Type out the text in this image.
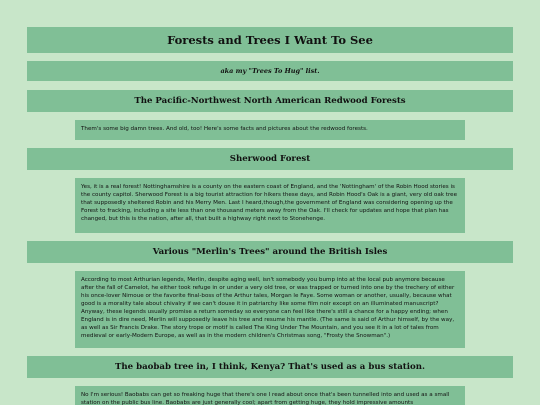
Forests and Trees I Want To See
aka my "Trees To Hug" list.
The Pacific-Northwest North American Redwood Forests
Them's some big damn trees. And old, too! Here's some facts and pictures about the redwood forests.
Sherwood Forest
Yes, it is a real forest! Nottinghamshire is a county on the eastern coast of England, and the 'Nottingham' of the Robin Hood stories is the county capitol. Sherwood Forest is a big tourist attraction for hikers these days, and Robin Hood's Oak is a giant, very old oak tree that supposedly sheltered Robin and his Merry Men. Last I heard,though,the government of England was considering opening up the Forest to fracking, including a site less than one thousand meters away from the Oak. I'll check for updates and hope that plan has changed, but this is the nation, after all, that built a highway right next to Stonehenge.
Various "Merlin's Trees" around the British Isles
According to most Arthurian legends, Merlin, despite aging well, isn't somebody you bump into at the local pub anymore because after the fall of Camelot, he either took refuge in or under a very old tree, or was trapped or turned into one by the trechery of either his once-lover Nimoue or the favorite final-boss of the Arthur tales, Morgan le Faye. Some woman or another, usually, because what good is a morality tale about chivalry if we can't douse it in patriarchy like some film noir except on an illuminated manuscript? Anyway, these legends usually promise a return someday so everyone can feel like there's still a chance for a happy ending; when England is in dire need, Merlin will supposedly leave his tree and resume his mantle. (The same is said of Arthur himself, by the way, as well as Sir Francis Drake. The story trope or motif is called The King Under The Mountain, and you see it in a lot of tales from medieval or early-Modern Europe, as well as in the modern children's Christmas song, "Frosty the Snowman".)
The baobab tree in, I think, Kenya? That's used as a bus station.
No I'm serious! Baobabs can get so freaking huge that there's one I read about once that's been tunnelled into and used as a small station on the public bus line. Baobabs are just generally cool; apart from getting huge, they hold impressive amounts
